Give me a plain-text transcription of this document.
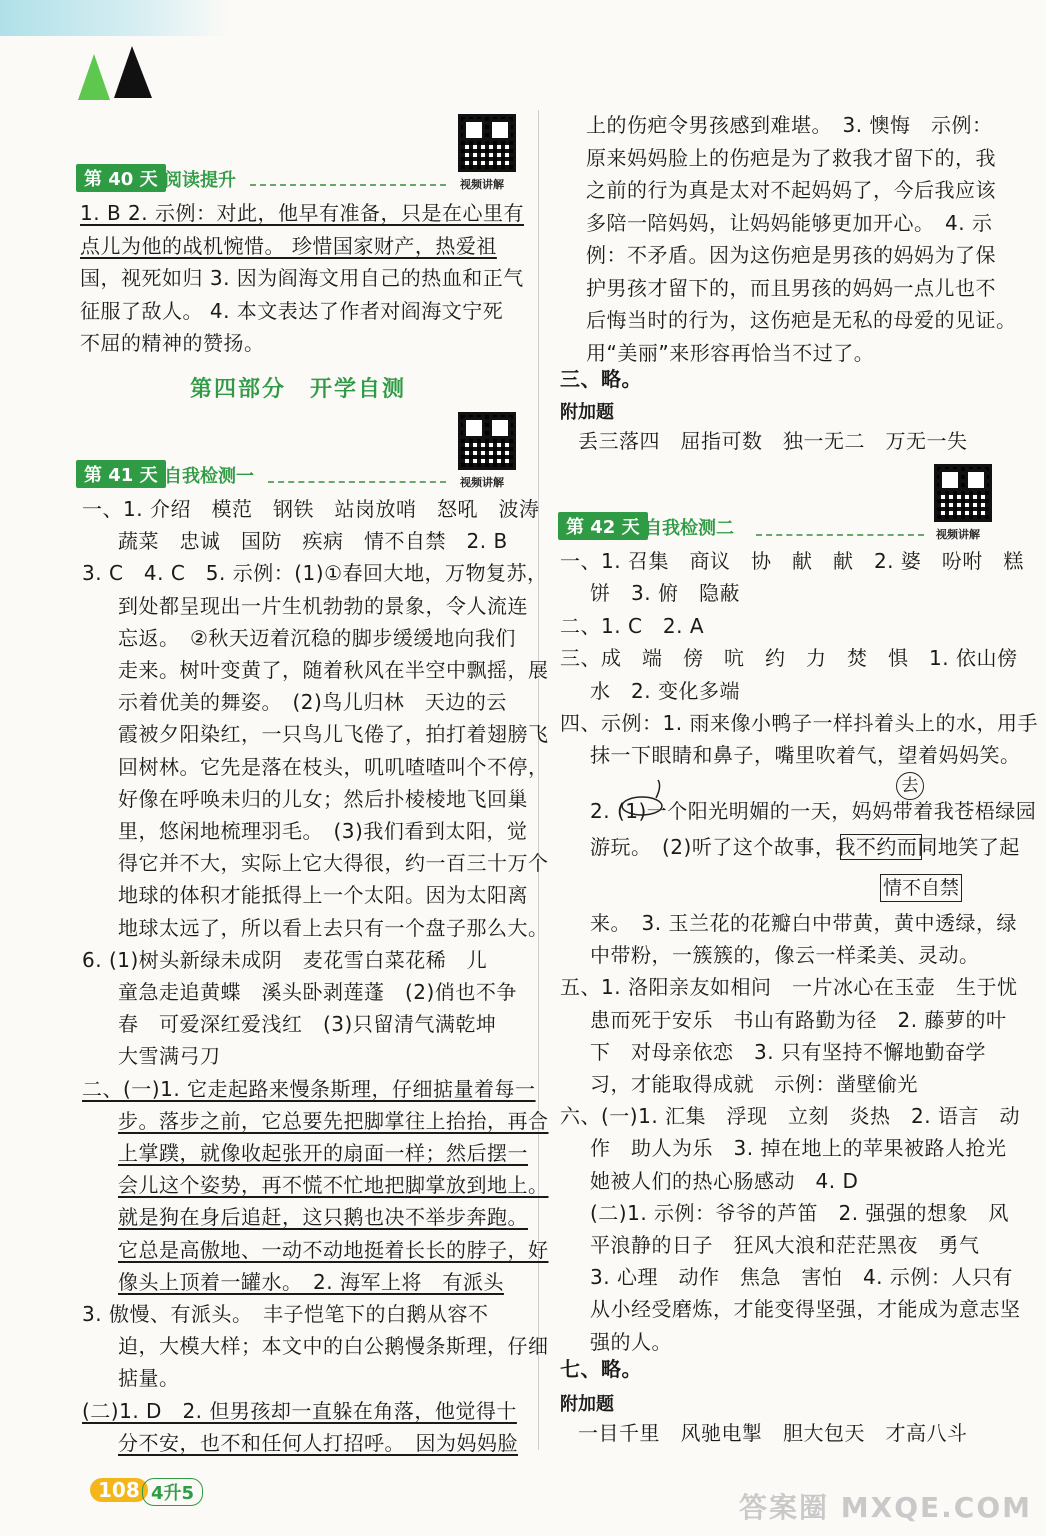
视频讲解
第 40 天 阅读提升
1. B 2. 示例：对此，他早有准备，只是在心里有
点儿为他的战机惋惜。 珍惜国家财产，热爱祖
国，视死如归 3. 因为阎海文用自己的热血和正气
征服了敌人。 4. 本文表达了作者对阎海文宁死
不屈的精神的赞扬。
第四部分　开学自测
视频讲解
第 41 天 自我检测一
一、1. 介绍　模范　钢铁　站岗放哨　怒吼　波涛
蔬菜　忠诚　国防　疾病　情不自禁　2. B
3. C　4. C　5. 示例：(1)①春回大地，万物复苏，
到处都呈现出一片生机勃勃的景象，令人流连
忘返。　②秋天迈着沉稳的脚步缓缓地向我们
走来。树叶变黄了，随着秋风在半空中飘摇，展
示着优美的舞姿。　(2)鸟儿归林　天边的云
霞被夕阳染红，一只鸟儿飞倦了，拍打着翅膀飞
回树林。它先是落在枝头，叽叽喳喳叫个不停，
好像在呼唤未归的儿女；然后扑棱棱地飞回巢
里，悠闲地梳理羽毛。　(3)我们看到太阳，觉
得它并不大，实际上它大得很，约一百三十万个
地球的体积才能抵得上一个太阳。因为太阳离
地球太远了，所以看上去只有一个盘子那么大。
6. (1)树头新绿未成阴　麦花雪白菜花稀　儿
童急走追黄蝶　溪头卧剥莲蓬　(2)俏也不争
春　可爱深红爱浅红　(3)只留清气满乾坤
大雪满弓刀
二、(一)1. 它走起路来慢条斯理，仔细掂量着每一
步。落步之前，它总要先把脚掌往上抬抬，再合
上掌蹼，就像收起张开的扇面一样；然后摆一
会儿这个姿势，再不慌不忙地把脚掌放到地上。
就是狗在身后追赶，这只鹅也决不举步奔跑。
它总是高傲地、一动不动地挺着长长的脖子，好
像头上顶着一罐水。　2. 海军上将　有派头
3. 傲慢、有派头。　丰子恺笔下的白鹅从容不
迫，大模大样；本文中的白公鹅慢条斯理，仔细
掂量。
(二)1. D　2. 但男孩却一直躲在角落，他觉得十
分不安，也不和任何人打招呼。　因为妈妈脸
108 4升5
上的伤疤令男孩感到难堪。　3. 懊悔　示例：
原来妈妈脸上的伤疤是为了救我才留下的，我
之前的行为真是太对不起妈妈了，今后我应该
多陪一陪妈妈，让妈妈能够更加开心。　4. 示
例：不矛盾。因为这伤疤是男孩的妈妈为了保
护男孩才留下的，而且男孩的妈妈一点儿也不
后悔当时的行为，这伤疤是无私的母爱的见证。
用“美丽”来形容再恰当不过了。
三、略。
附加题
丢三落四　屈指可数　独一无二　万无一失
视频讲解
第 42 天 自我检测二
一、1. 召集　商议　协　献　献　2. 婆　吩咐　糕
饼　3. 俯　隐蔽
二、1. C　2. A
三、成　端　傍　吭　约　力　焚　惧　1. 依山傍
水　2. 变化多端
四、示例：1. 雨来像小鸭子一样抖着头上的水，用手
抹一下眼睛和鼻子，嘴里吹着气，望着妈妈笑。
2. (1)一个阳光明媚的一天，妈妈带着我苍梧绿园
去
游玩。　(2)听了这个故事，我不约而同地笑了起
情不自禁
来。　3. 玉兰花的花瓣白中带黄，黄中透绿，绿
中带粉，一簇簇的，像云一样柔美、灵动。
五、1. 洛阳亲友如相问　一片冰心在玉壶　生于忧
患而死于安乐　书山有路勤为径　2. 藤萝的叶
下　对母亲依恋　3. 只有坚持不懈地勤奋学
习，才能取得成就　示例：凿壁偷光
六、(一)1. 汇集　浮现　立刻　炎热　2. 语言　动
作　助人为乐　3. 掉在地上的苹果被路人抢光
她被人们的热心肠感动　4. D
(二)1. 示例：爷爷的芦笛　2. 强强的想象　风
平浪静的日子　狂风大浪和茫茫黑夜　勇气
3. 心理　动作　焦急　害怕　4. 示例：人只有
从小经受磨炼，才能变得坚强，才能成为意志坚
强的人。
七、略。
附加题
一目千里　风驰电掣　胆大包天　才高八斗
答案圈 MXQE.COM
